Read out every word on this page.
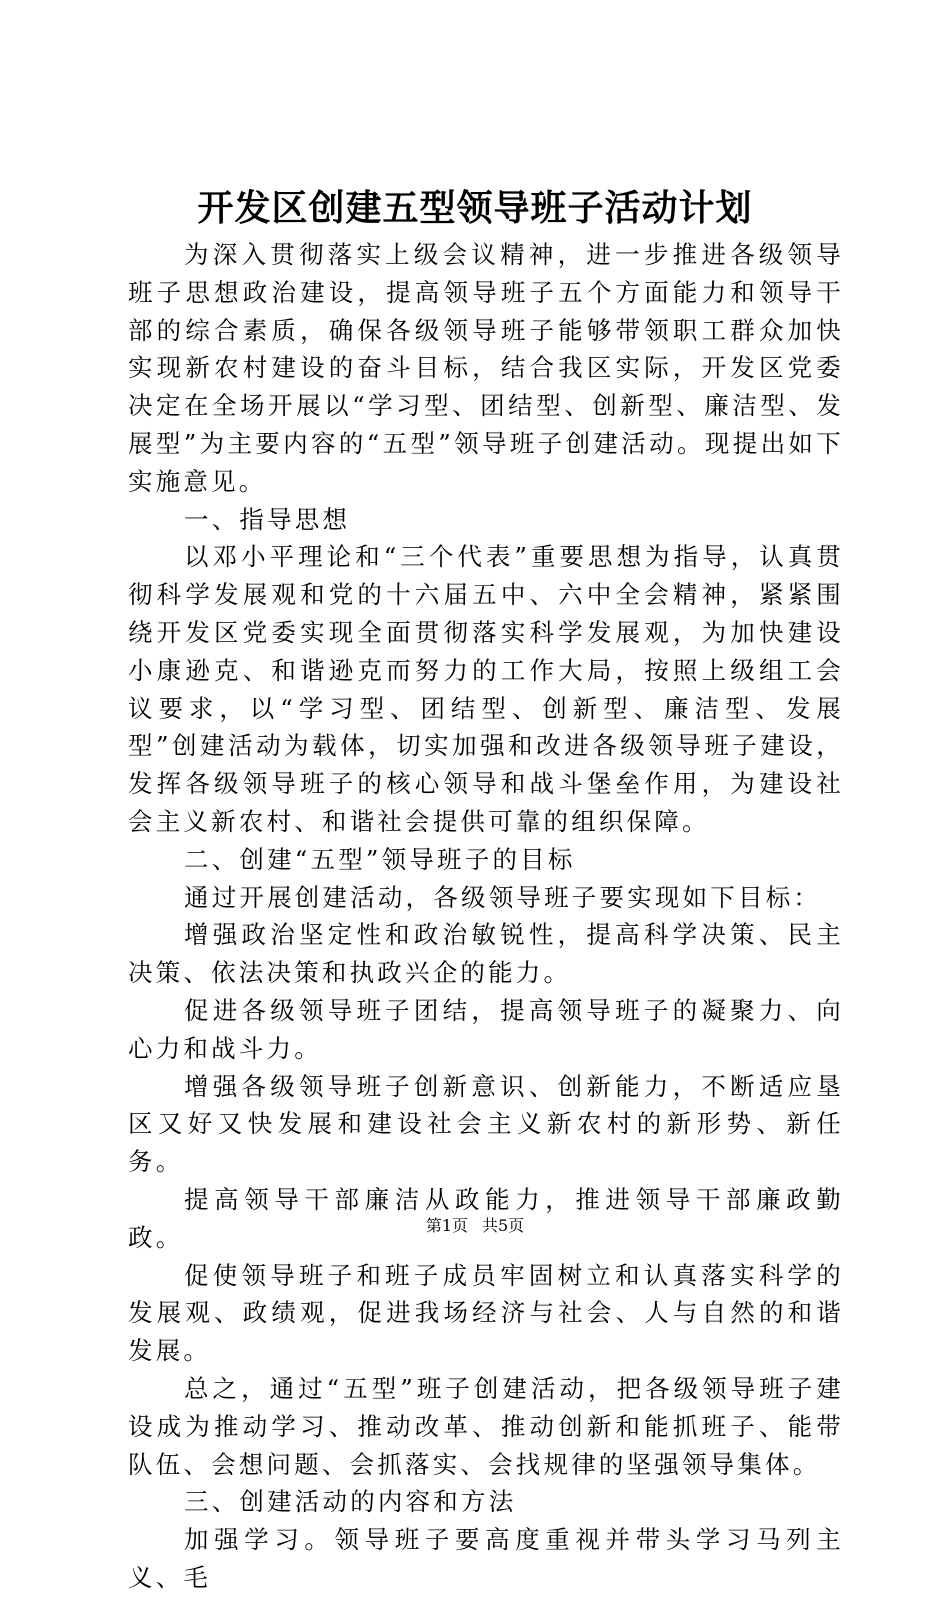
开发区创建五型领导班子活动计划

为深入贯彻落实上级会议精神，进一步推进各级领导班子思想政治建设，提高领导班子五个方面能力和领导干部的综合素质，确保各级领导班子能够带领职工群众加快实现新农村建设的奋斗目标，结合我区实际，开发区党委决定在全场开展以“学习型、团结型、创新型、廉洁型、发展型”为主要内容的“五型”领导班子创建活动。现提出如下实施意见。

一、指导思想

以邓小平理论和“三个代表”重要思想为指导，认真贯彻科学发展观和党的十六届五中、六中全会精神，紧紧围绕开发区党委实现全面贯彻落实科学发展观，为加快建设小康逊克、和谐逊克而努力的工作大局，按照上级组工会议要求，以“学习型、团结型、创新型、廉洁型、发展型”创建活动为载体，切实加强和改进各级领导班子建设，发挥各级领导班子的核心领导和战斗堡垒作用，为建设社会主义新农村、和谐社会提供可靠的组织保障。

二、创建“五型”领导班子的目标

通过开展创建活动，各级领导班子要实现如下目标：

增强政治坚定性和政治敏锐性，提高科学决策、民主决策、依法决策和执政兴企的能力。

促进各级领导班子团结，提高领导班子的凝聚力、向心力和战斗力。

增强各级领导班子创新意识、创新能力，不断适应垦区又好又快发展和建设社会主义新农村的新形势、新任务。

提高领导干部廉洁从政能力，推进领导干部廉政勤政。

促使领导班子和班子成员牢固树立和认真落实科学的发展观、政绩观，促进我场经济与社会、人与自然的和谐发展。

总之，通过“五型”班子创建活动，把各级领导班子建设成为推动学习、推动改革、推动创新和能抓班子、能带队伍、会想问题、会抓落实、会找规律的坚强领导集体。

三、创建活动的内容和方法

加强学习。领导班子要高度重视并带头学习马列主义、毛

第1页 共5页
